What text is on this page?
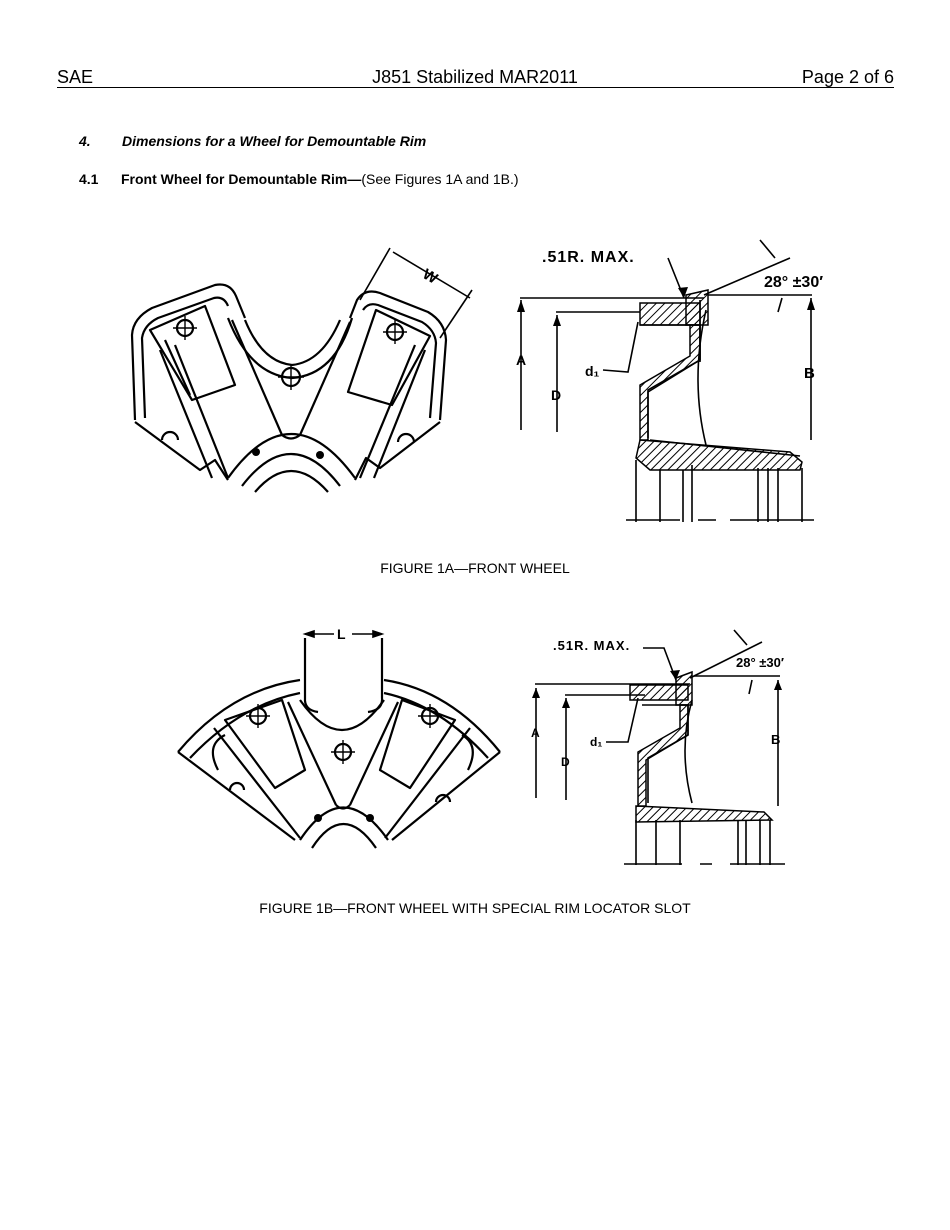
SAE	J851 Stabilized MAR2011	Page 2 of 6
4. Dimensions for a Wheel for Demountable Rim
4.1 Front Wheel for Demountable Rim—(See Figures 1A and 1B.)
W
.51R. MAX.
28° ±30′
A
D
d₁	B
FIGURE 1A—FRONT WHEEL
L
.51R. MAX.
28° ±30′
A
D
d₁	B
FIGURE 1B—FRONT WHEEL WITH SPECIAL RIM LOCATOR SLOT
